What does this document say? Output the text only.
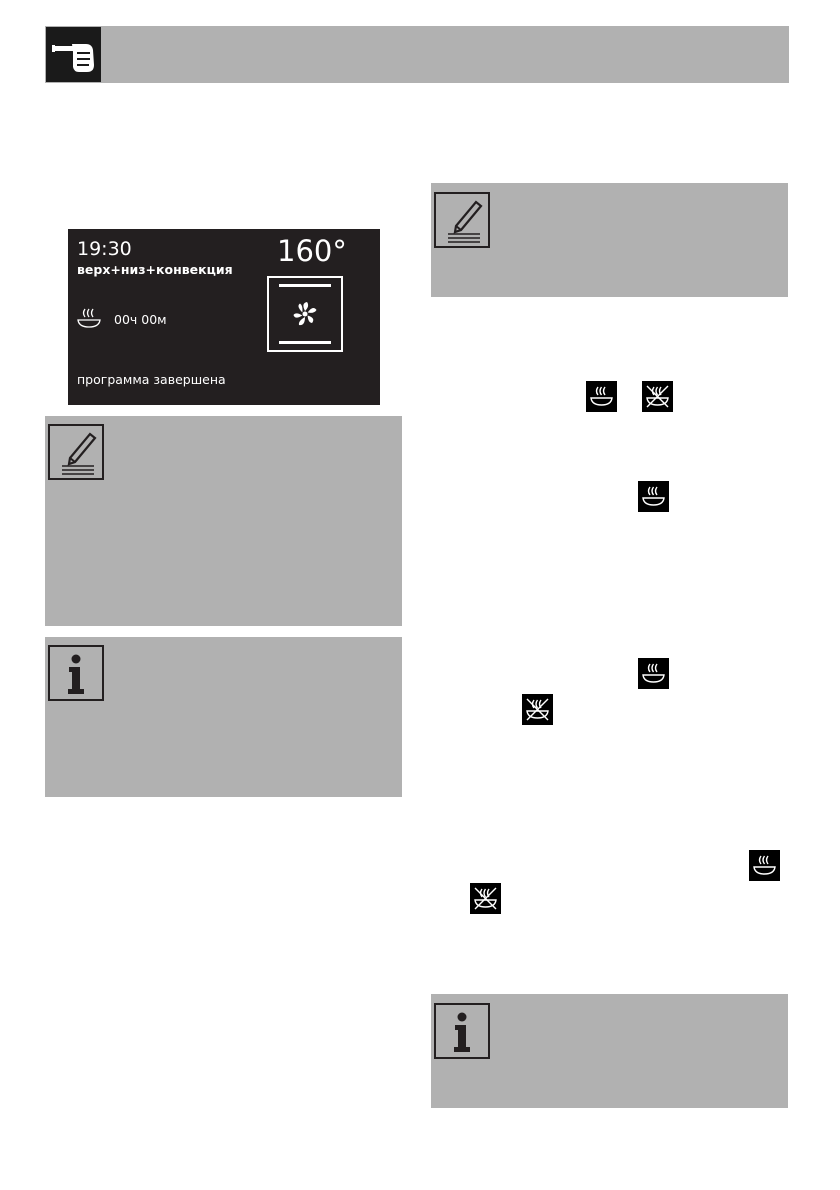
19:30
верх+низ+конвекция
160°
00ч 00м
программа завершена
